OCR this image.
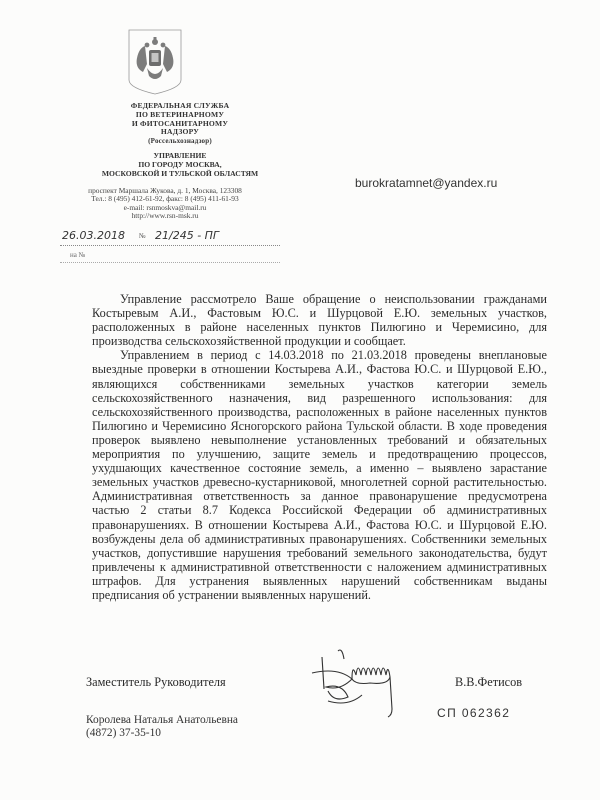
ФЕДЕРАЛЬНАЯ СЛУЖБА
ПО ВЕТЕРИНАРНОМУ
И ФИТОСАНИТАРНОМУ
НАДЗОРУ
(Россельхознадзор)
УПРАВЛЕНИЕ
ПО ГОРОДУ МОСКВА,
МОСКОВСКОЙ И ТУЛЬСКОЙ ОБЛАСТЯМ
проспект Маршала Жукова, д. 1, Москва, 123308
Тел.: 8 (495) 412-61-92, факс: 8 (495) 411-61-93
e-mail: rsnmoskva@mail.ru
http://www.rsn-msk.ru
26.03.2018 № 21/245 - ПГ
на №
burokratamnet@yandex.ru

Управление рассмотрело Ваше обращение о неиспользовании гражданами Костыревым А.И., Фастовым Ю.С. и Шурцовой Е.Ю. земельных участков, расположенных в районе населенных пунктов Пилюгино и Черемисино, для производства сельскохозяйственной продукции и сообщает.

Управлением в период с 14.03.2018 по 21.03.2018 проведены внеплановые выездные проверки в отношении Костырева А.И., Фастова Ю.С. и Шурцовой Е.Ю., являющихся собственниками земельных участков категории земель сельскохозяйственного назначения, вид разрешенного использования: для сельскохозяйственного производства, расположенных в районе населенных пунктов Пилюгино и Черемисино Ясногорского района Тульской области. В ходе проведения проверок выявлено невыполнение установленных требований и обязательных мероприятия по улучшению, защите земель и предотвращению процессов, ухудшающих качественное состояние земель, а именно – выявлено зарастание земельных участков древесно-кустарниковой, многолетней сорной растительностью. Административная ответственность за данное правонарушение предусмотрена частью 2 статьи 8.7 Кодекса Российской Федерации об административных правонарушениях. В отношении Костырева А.И., Фастова Ю.С. и Шурцовой Е.Ю. возбуждены дела об административных правонарушениях. Собственники земельных участков, допустившие нарушения требований земельного законодательства, будут привлечены к административной ответственности с наложением административных штрафов. Для устранения выявленных нарушений собственникам выданы предписания об устранении выявленных нарушений.

Заместитель Руководителя	В.В.Фетисов
СП 062362
Королева Наталья Анатольевна
(4872) 37-35-10
